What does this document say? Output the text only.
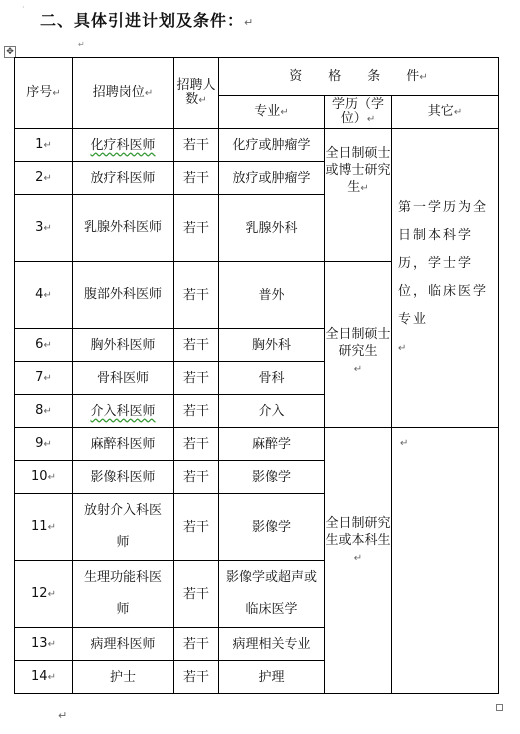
·
二、具体引进计划及条件：↵
↵
✥
序号↵	招聘岗位↵	招聘人数↵	资　　格　　条　　件↵		
			专业↵	学历（学位）↵	其它↵
1↵	化疗科医师	若干	化疗或肿瘤学	全日制硕士或博士研究生↵	第一学历为全日制本科学历，学士学位，临床医学专业
↵
2↵	放疗科医师	若干	放疗或肿瘤学		
3↵	乳腺外科医师	若干	乳腺外科		
4↵	腹部外科医师	若干	普外	全日制硕士研究生
↵	
6↵	胸外科医师	若干	胸外科		
7↵	骨科医师	若干	骨科		
8↵	介入科医师	若干	介入		
9↵	麻醉科医师	若干	麻醉学	全日制研究生或本科生
↵	↵
10↵	影像科医师	若干	影像学		
11↵	放射介入科医师	若干	影像学		
12↵	生理功能科医师	若干	影像学或超声或临床医学		
13↵	病理科医师	若干	病理相关专业		
14↵	护士	若干	护理		
↵
